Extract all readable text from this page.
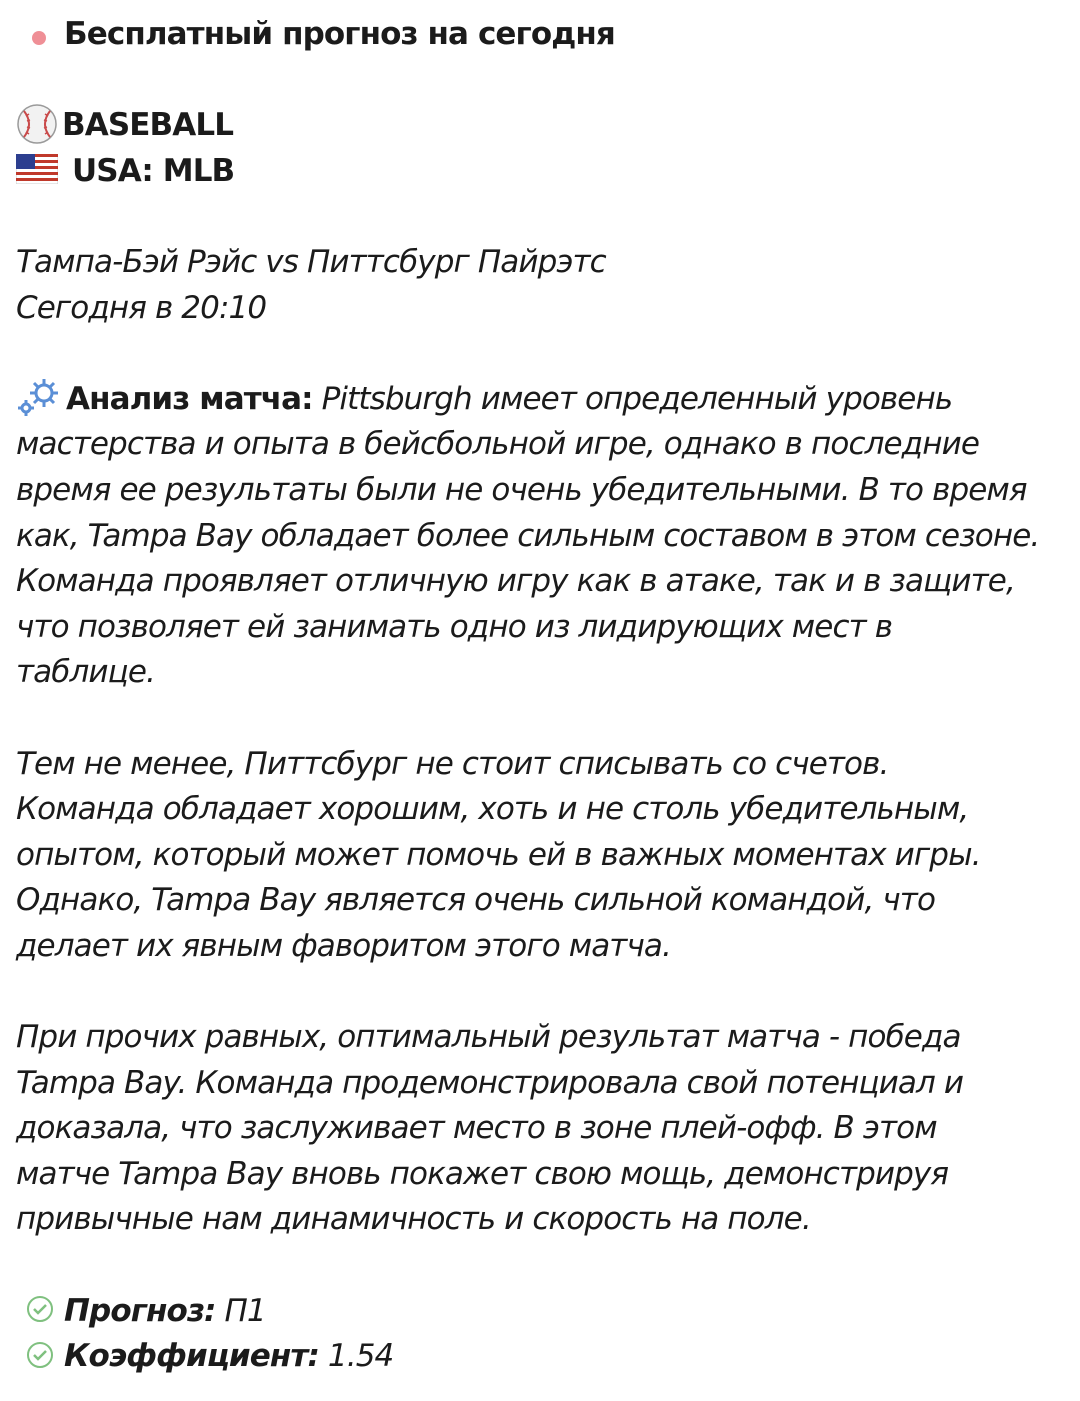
Бесплатный прогноз на сегодня
BASEBALL
USA: MLB
Тампа-Бэй Рэйс vs Питтсбург Пайрэтс
Сегодня в 20:10
Анализ матча: Pittsburgh имеет определенный уровень
мастерства и опыта в бейсбольной игре, однако в последние
время ее результаты были не очень убедительными. В то время
как, Tampa Bay обладает более сильным составом в этом сезоне.
Команда проявляет отличную игру как в атаке, так и в защите,
что позволяет ей занимать одно из лидирующих мест в
таблице.
Тем не менее, Питтсбург не стоит списывать со счетов.
Команда обладает хорошим, хоть и не столь убедительным,
опытом, который может помочь ей в важных моментах игры.
Однако, Tampa Bay является очень сильной командой, что
делает их явным фаворитом этого матча.
При прочих равных, оптимальный результат матча - победа
Tampa Bay. Команда продемонстрировала свой потенциал и
доказала, что заслуживает место в зоне плей-офф. В этом
матче Tampa Bay вновь покажет свою мощь, демонстрируя
привычные нам динамичность и скорость на поле.
Прогноз: П1
Коэффициент: 1.54
